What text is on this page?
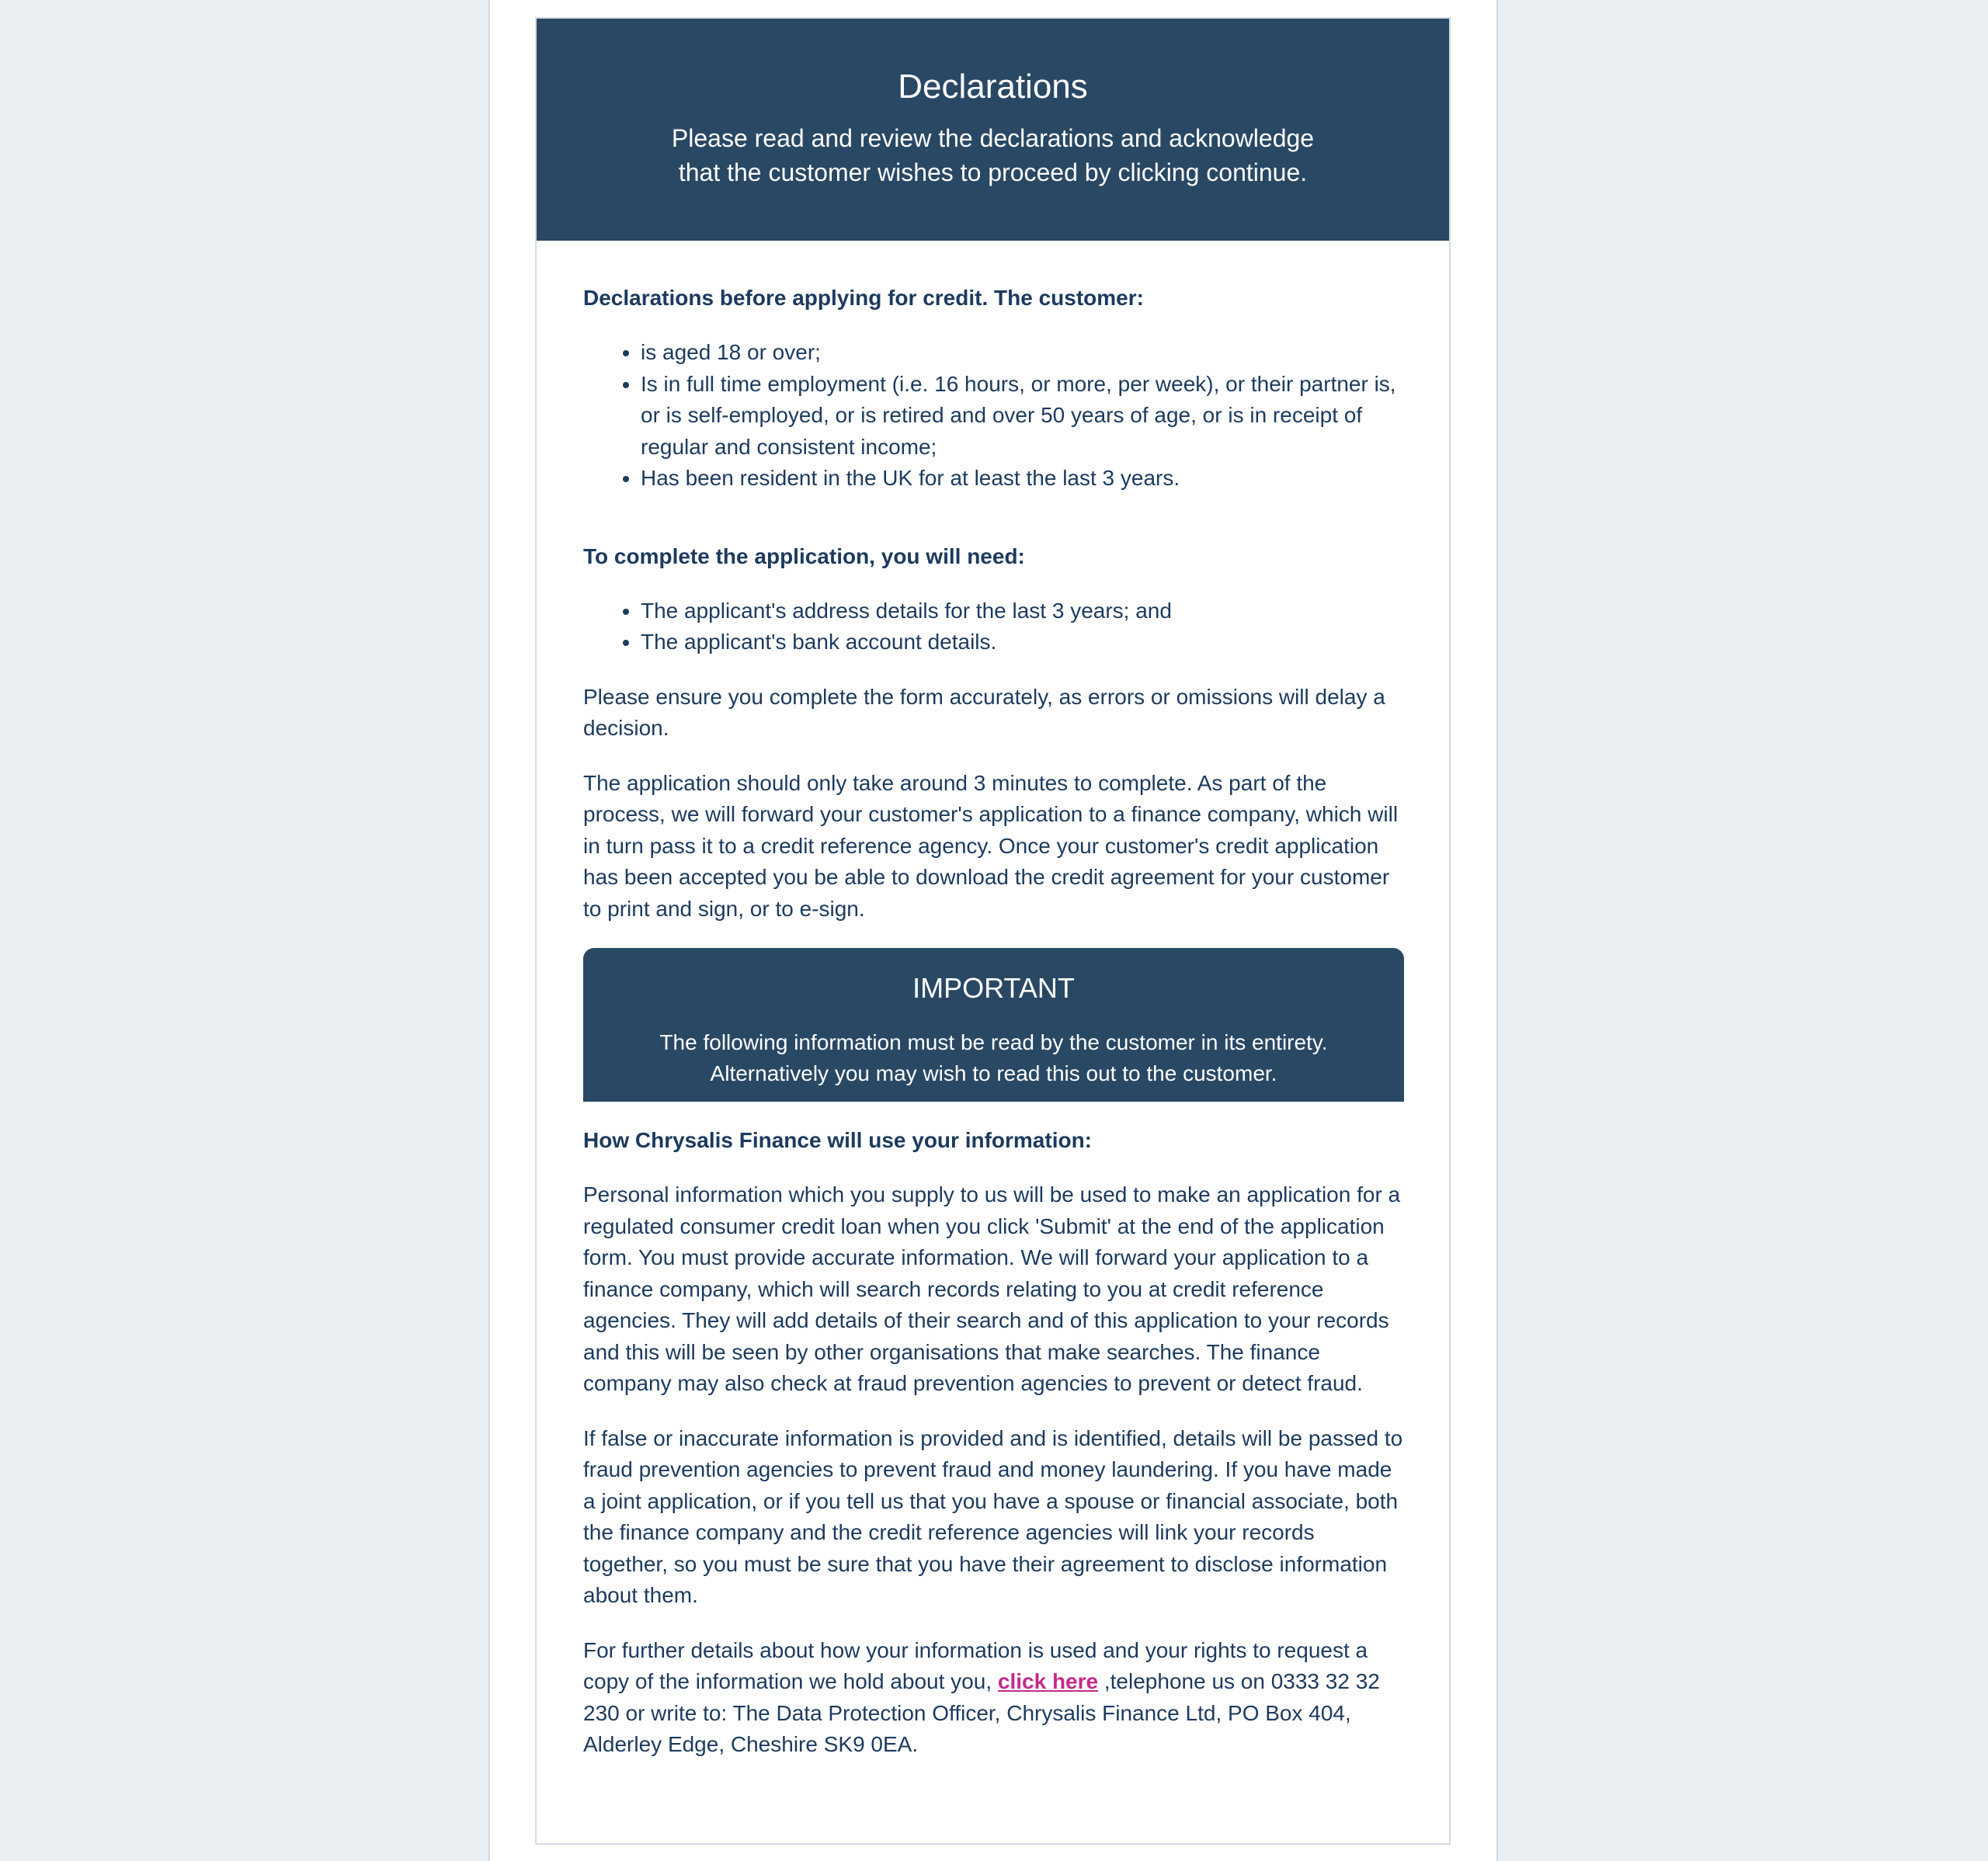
Declarations

Please read and review the declarations and acknowledge that the customer wishes to proceed by clicking continue.

Declarations before applying for credit. The customer:

• is aged 18 or over;
• Is in full time employment (i.e. 16 hours, or more, per week), or their partner is, or is self-employed, or is retired and over 50 years of age, or is in receipt of regular and consistent income;
• Has been resident in the UK for at least the last 3 years.

To complete the application, you will need:

• The applicant's address details for the last 3 years; and
• The applicant's bank account details.

Please ensure you complete the form accurately, as errors or omissions will delay a decision.

The application should only take around 3 minutes to complete. As part of the process, we will forward your customer's application to a finance company, which will in turn pass it to a credit reference agency. Once your customer's credit application has been accepted you be able to download the credit agreement for your customer to print and sign, or to e-sign.

IMPORTANT

The following information must be read by the customer in its entirety.
Alternatively you may wish to read this out to the customer.

How Chrysalis Finance will use your information:

Personal information which you supply to us will be used to make an application for a regulated consumer credit loan when you click 'Submit' at the end of the application form. You must provide accurate information. We will forward your application to a finance company, which will search records relating to you at credit reference agencies. They will add details of their search and of this application to your records and this will be seen by other organisations that make searches. The finance company may also check at fraud prevention agencies to prevent or detect fraud.

If false or inaccurate information is provided and is identified, details will be passed to fraud prevention agencies to prevent fraud and money laundering. If you have made a joint application, or if you tell us that you have a spouse or financial associate, both the finance company and the credit reference agencies will link your records together, so you must be sure that you have their agreement to disclose information about them.

For further details about how your information is used and your rights to request a copy of the information we hold about you, click here ,telephone us on 0333 32 32 230 or write to: The Data Protection Officer, Chrysalis Finance Ltd, PO Box 404, Alderley Edge, Cheshire SK9 0EA.
